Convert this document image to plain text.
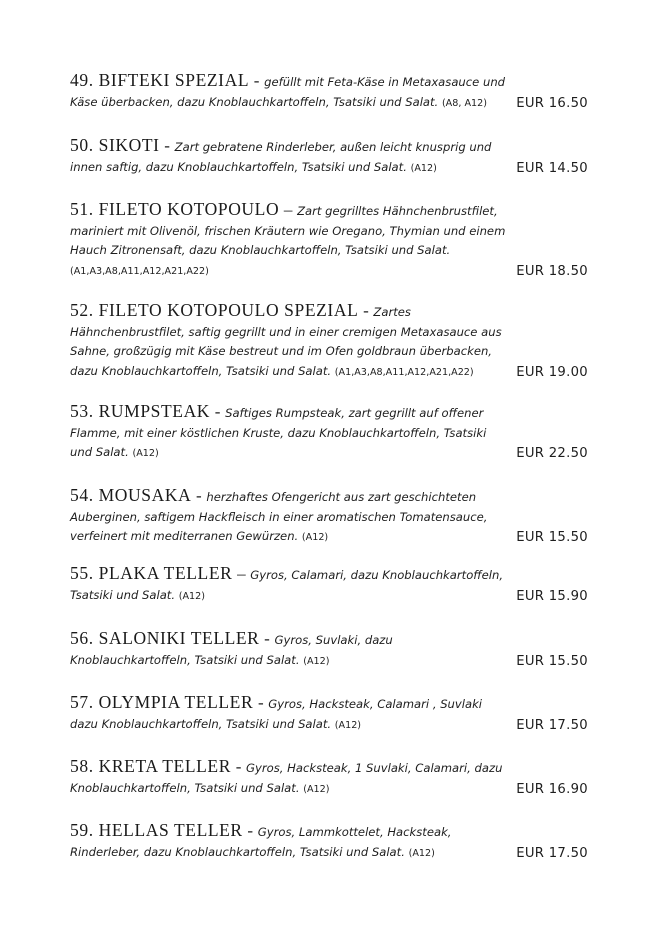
49. BIFTEKI SPEZIAL - gefüllt mit Feta-Käse in Metaxasauce und Käse überbacken, dazu Knoblauchkartoffeln, Tsatsiki und Salat. (A8, A12)	EUR 16.50
50. SIKOTI - Zart gebratene Rinderleber, außen leicht knusprig und innen saftig, dazu Knoblauchkartoffeln, Tsatsiki und Salat. (A12)	EUR 14.50
51. FILETO KOTOPOULO – Zart gegrilltes Hähnchenbrustfilet, mariniert mit Olivenöl, frischen Kräutern wie Oregano, Thymian und einem Hauch Zitronensaft, dazu Knoblauchkartoffeln, Tsatsiki und Salat. (A1,A3,A8,A11,A12,A21,A22)	EUR 18.50
52. FILETO KOTOPOULO SPEZIAL - Zartes Hähnchenbrustfilet, saftig gegrillt und in einer cremigen Metaxasauce aus Sahne, großzügig mit Käse bestreut und im Ofen goldbraun überbacken, dazu Knoblauchkartoffeln, Tsatsiki und Salat. (A1,A3,A8,A11,A12,A21,A22)	EUR 19.00
53. RUMPSTEAK - Saftiges Rumpsteak, zart gegrillt auf offener Flamme, mit einer köstlichen Kruste, dazu Knoblauchkartoffeln, Tsatsiki und Salat. (A12)	EUR 22.50
54. MOUSAKA - herzhaftes Ofengericht aus zart geschichteten Auberginen, saftigem Hackfleisch in einer aromatischen Tomatensauce, verfeinert mit mediterranen Gewürzen. (A12)	EUR 15.50
55. PLAKA TELLER – Gyros, Calamari, dazu Knoblauchkartoffeln, Tsatsiki und Salat. (A12)	EUR 15.90
56. SALONIKI TELLER - Gyros, Suvlaki, dazu Knoblauchkartoffeln, Tsatsiki und Salat. (A12)	EUR 15.50
57. OLYMPIA TELLER - Gyros, Hacksteak, Calamari , Suvlaki dazu Knoblauchkartoffeln, Tsatsiki und Salat. (A12)	EUR 17.50
58. KRETA TELLER - Gyros, Hacksteak, 1 Suvlaki, Calamari, dazu Knoblauchkartoffeln, Tsatsiki und Salat. (A12)	EUR 16.90
59. HELLAS TELLER - Gyros, Lammkottelet, Hacksteak, Rinderleber, dazu Knoblauchkartoffeln, Tsatsiki und Salat. (A12)	EUR 17.50
